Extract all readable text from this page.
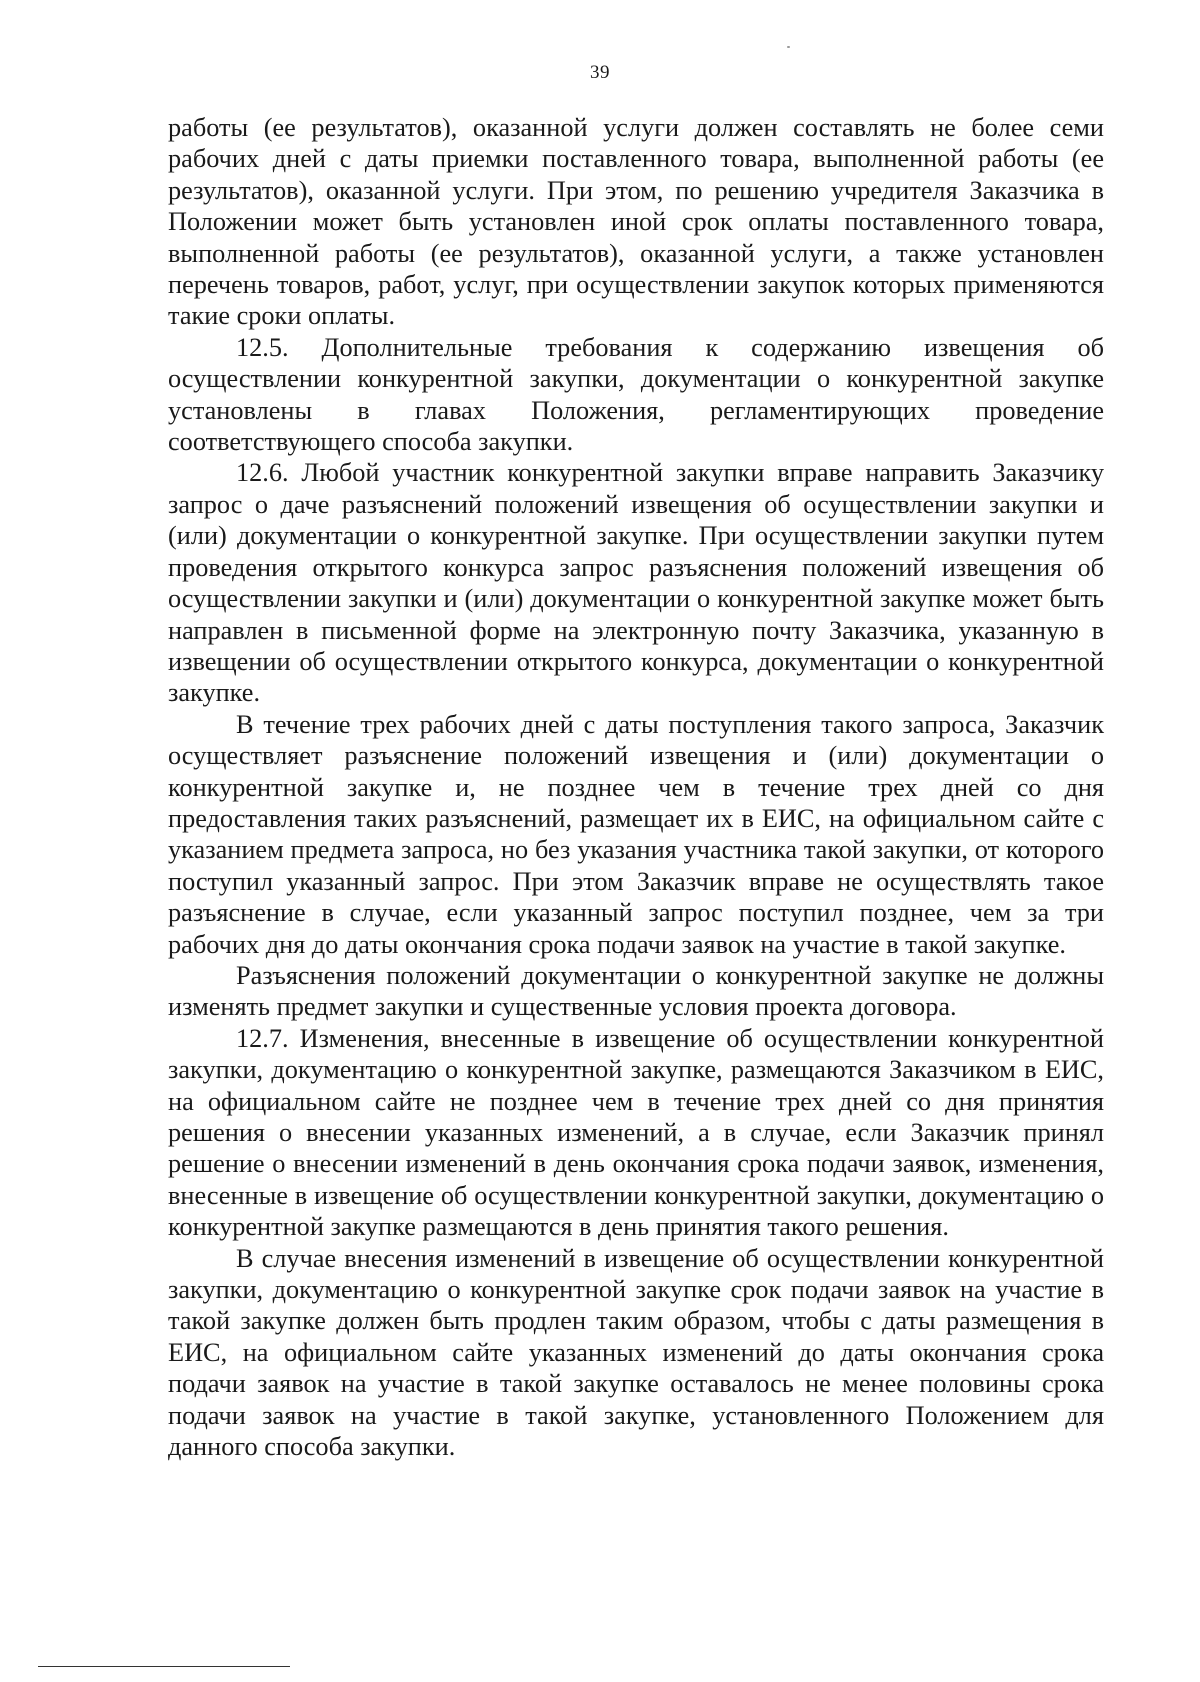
39

работы (ее результатов), оказанной услуги должен составлять не более семи рабочих дней с даты приемки поставленного товара, выполненной работы (ее результатов), оказанной услуги. При этом, по решению учредителя Заказчика в Положении может быть установлен иной срок оплаты поставленного товара, выполненной работы (ее результатов), оказанной услуги, а также установлен перечень товаров, работ, услуг, при осуществлении закупок которых применяются такие сроки оплаты.

12.5. Дополнительные требования к содержанию извещения об осуществлении конкурентной закупки, документации о конкурентной закупке установлены в главах Положения, регламентирующих проведение соответствующего способа закупки.

12.6. Любой участник конкурентной закупки вправе направить Заказчику запрос о даче разъяснений положений извещения об осуществлении закупки и (или) документации о конкурентной закупке. При осуществлении закупки путем проведения открытого конкурса запрос разъяснения положений извещения об осуществлении закупки и (или) документации о конкурентной закупке может быть направлен в письменной форме на электронную почту Заказчика, указанную в извещении об осуществлении открытого конкурса, документации о конкурентной закупке.

В течение трех рабочих дней с даты поступления такого запроса, Заказчик осуществляет разъяснение положений извещения и (или) документации о конкурентной закупке и, не позднее чем в течение трех дней со дня предоставления таких разъяснений, размещает их в ЕИС, на официальном сайте с указанием предмета запроса, но без указания участника такой закупки, от которого поступил указанный запрос. При этом Заказчик вправе не осуществлять такое разъяснение в случае, если указанный запрос поступил позднее, чем за три рабочих дня до даты окончания срока подачи заявок на участие в такой закупке.

Разъяснения положений документации о конкурентной закупке не должны изменять предмет закупки и существенные условия проекта договора.

12.7. Изменения, внесенные в извещение об осуществлении конкурентной закупки, документацию о конкурентной закупке, размещаются Заказчиком в ЕИС, на официальном сайте не позднее чем в течение трех дней со дня принятия решения о внесении указанных изменений, а в случае, если Заказчик принял решение о внесении изменений в день окончания срока подачи заявок, изменения, внесенные в извещение об осуществлении конкурентной закупки, документацию о конкурентной закупке размещаются в день принятия такого решения.

В случае внесения изменений в извещение об осуществлении конкурентной закупки, документацию о конкурентной закупке срок подачи заявок на участие в такой закупке должен быть продлен таким образом, чтобы с даты размещения в ЕИС, на официальном сайте указанных изменений до даты окончания срока подачи заявок на участие в такой закупке оставалось не менее половины срока подачи заявок на участие в такой закупке, установленного Положением для данного способа закупки.
